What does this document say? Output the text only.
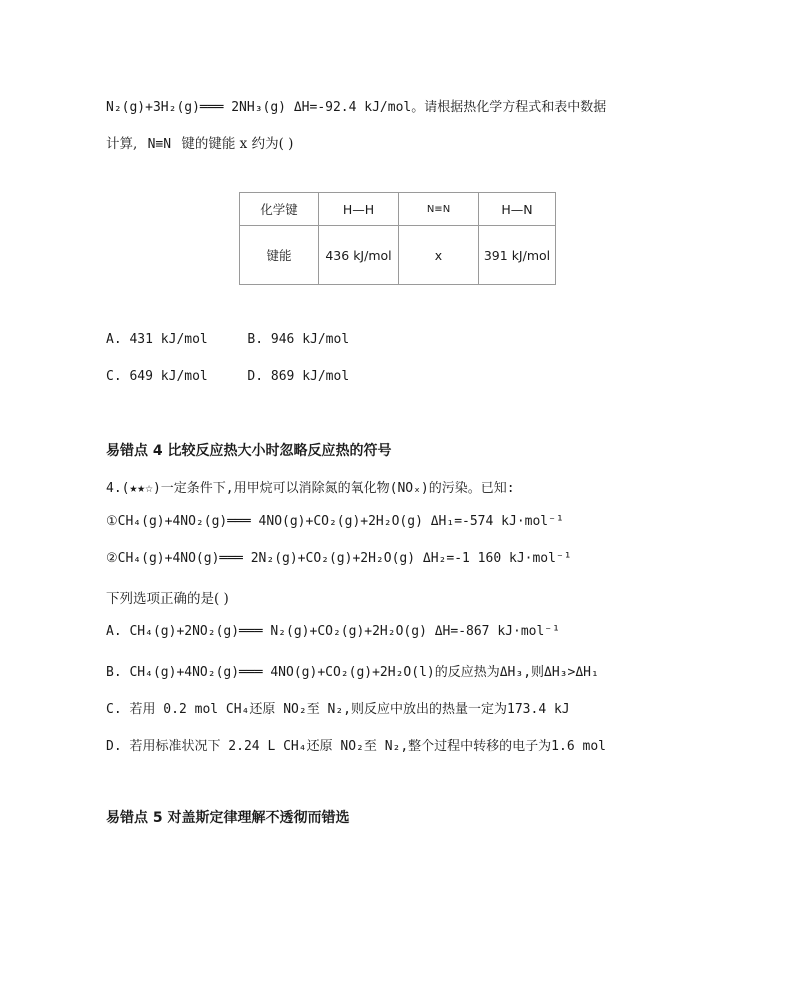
N₂(g)+3H₂(g)═══ 2NH₃(g) ΔH=-92.4 kJ/mol。请根据热化学方程式和表中数据
计算, N≡N 键的键能 x 约为( )
化学键	H—H	N≡N	H—N
键能	436 kJ/mol	x	391 kJ/mol
A. 431 kJ/mol	B. 946 kJ/mol
C. 649 kJ/mol	D. 869 kJ/mol
易错点 4 比较反应热大小时忽略反应热的符号
4.(★★☆)一定条件下,用甲烷可以消除氮的氧化物(NOₓ)的污染。已知:
①CH₄(g)+4NO₂(g)═══ 4NO(g)+CO₂(g)+2H₂O(g) ΔH₁=-574 kJ·mol⁻¹
②CH₄(g)+4NO(g)═══ 2N₂(g)+CO₂(g)+2H₂O(g) ΔH₂=-1 160 kJ·mol⁻¹
下列选项正确的是( )
A. CH₄(g)+2NO₂(g)═══ N₂(g)+CO₂(g)+2H₂O(g) ΔH=-867 kJ·mol⁻¹
B. CH₄(g)+4NO₂(g)═══ 4NO(g)+CO₂(g)+2H₂O(l)的反应热为ΔH₃,则ΔH₃>ΔH₁
C. 若用 0.2 mol CH₄还原 NO₂至 N₂,则反应中放出的热量一定为173.4 kJ
D. 若用标准状况下 2.24 L CH₄还原 NO₂至 N₂,整个过程中转移的电子为1.6 mol
易错点 5 对盖斯定律理解不透彻而错选
